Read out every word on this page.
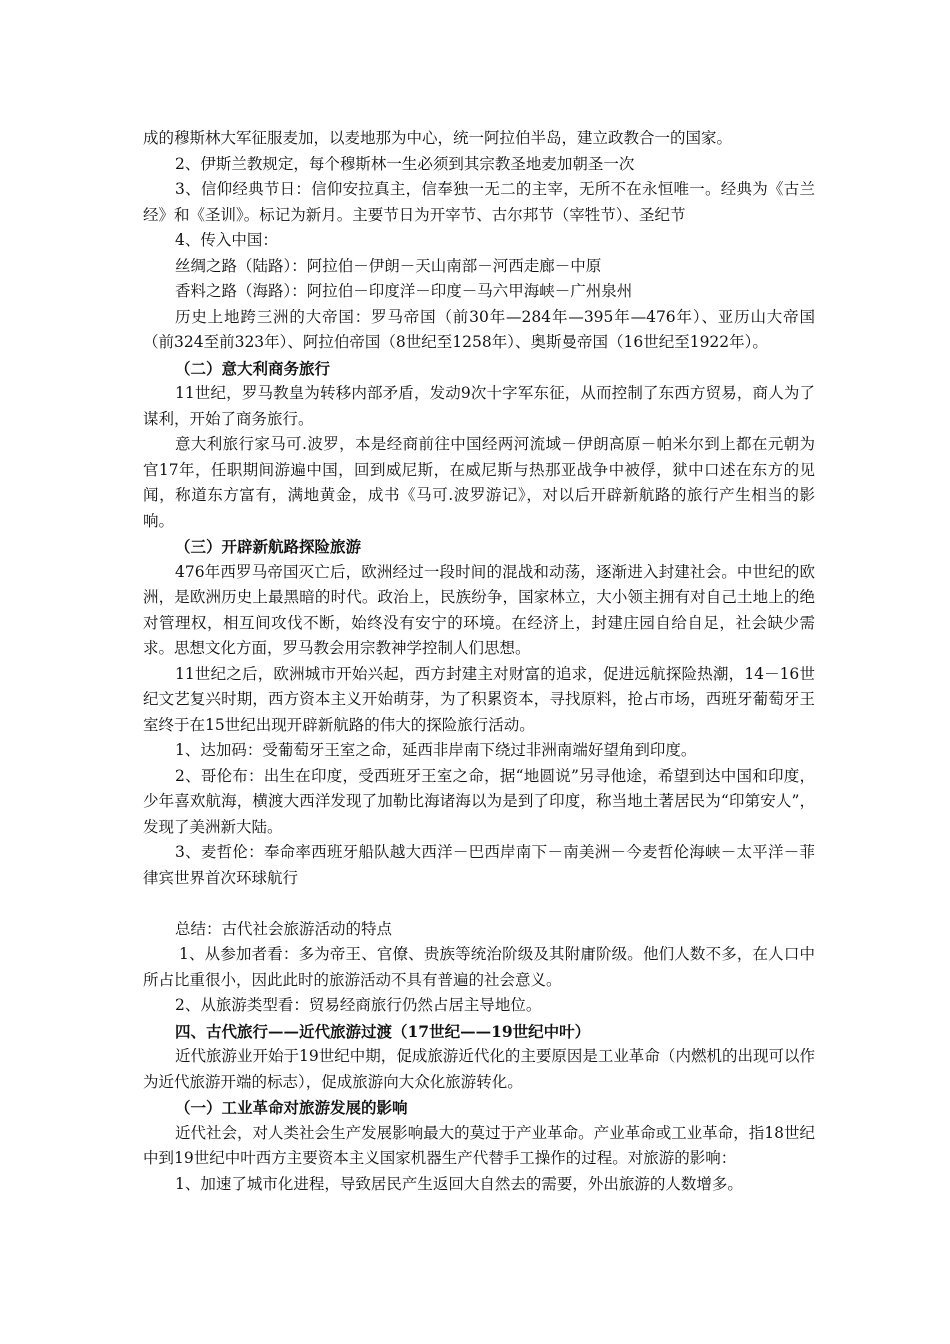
成的穆斯林大军征服麦加，以麦地那为中心，统一阿拉伯半岛，建立政教合一的国家。

2、伊斯兰教规定，每个穆斯林一生必须到其宗教圣地麦加朝圣一次

3、信仰经典节日：信仰安拉真主，信奉独一无二的主宰，无所不在永恒唯一。经典为《古兰经》和《圣训》。标记为新月。主要节日为开宰节、古尔邦节（宰牲节）、圣纪节

4、传入中国：

丝绸之路（陆路）：阿拉伯－伊朗－天山南部－河西走廊－中原

香料之路（海路）：阿拉伯－印度洋－印度－马六甲海峡－广州泉州

历史上地跨三洲的大帝国：罗马帝国（前30年—284年—395年—476年）、亚历山大帝国（前324至前323年）、阿拉伯帝国（8世纪至1258年）、奥斯曼帝国（16世纪至1922年）。

（二）意大利商务旅行

11世纪，罗马教皇为转移内部矛盾，发动9次十字军东征，从而控制了东西方贸易，商人为了谋利，开始了商务旅行。

意大利旅行家马可.波罗，本是经商前往中国经两河流域－伊朗高原－帕米尔到上都在元朝为官17年，任职期间游遍中国，回到威尼斯，在威尼斯与热那亚战争中被俘，狱中口述在东方的见闻，称道东方富有，满地黄金，成书《马可.波罗游记》，对以后开辟新航路的旅行产生相当的影响。

（三）开辟新航路探险旅游

476年西罗马帝国灭亡后，欧洲经过一段时间的混战和动荡，逐渐进入封建社会。中世纪的欧洲，是欧洲历史上最黑暗的时代。政治上，民族纷争，国家林立，大小领主拥有对自己土地上的绝对管理权，相互间攻伐不断，始终没有安宁的环境。在经济上，封建庄园自给自足，社会缺少需求。思想文化方面，罗马教会用宗教神学控制人们思想。

11世纪之后，欧洲城市开始兴起，西方封建主对财富的追求，促进远航探险热潮，14－16世纪文艺复兴时期，西方资本主义开始萌芽，为了积累资本，寻找原料，抢占市场，西班牙葡萄牙王室终于在15世纪出现开辟新航路的伟大的探险旅行活动。

1、达加码：受葡萄牙王室之命，延西非岸南下绕过非洲南端好望角到印度。

2、哥伦布：出生在印度，受西班牙王室之命，据“地圆说”另寻他途，希望到达中国和印度，少年喜欢航海，横渡大西洋发现了加勒比海诸海以为是到了印度，称当地土著居民为“印第安人”，发现了美洲新大陆。

3、麦哲伦：奉命率西班牙船队越大西洋－巴西岸南下－南美洲－今麦哲伦海峡－太平洋－菲律宾世界首次环球航行

总结：古代社会旅游活动的特点

1、从参加者看：多为帝王、官僚、贵族等统治阶级及其附庸阶级。他们人数不多，在人口中所占比重很小，因此此时的旅游活动不具有普遍的社会意义。

2、从旅游类型看：贸易经商旅行仍然占居主导地位。

四、古代旅行——近代旅游过渡（17世纪——19世纪中叶）

近代旅游业开始于19世纪中期，促成旅游近代化的主要原因是工业革命（内燃机的出现可以作为近代旅游开端的标志），促成旅游向大众化旅游转化。

（一）工业革命对旅游发展的影响

近代社会，对人类社会生产发展影响最大的莫过于产业革命。产业革命或工业革命，指18世纪中到19世纪中叶西方主要资本主义国家机器生产代替手工操作的过程。对旅游的影响：

1、加速了城市化进程，导致居民产生返回大自然去的需要，外出旅游的人数增多。
